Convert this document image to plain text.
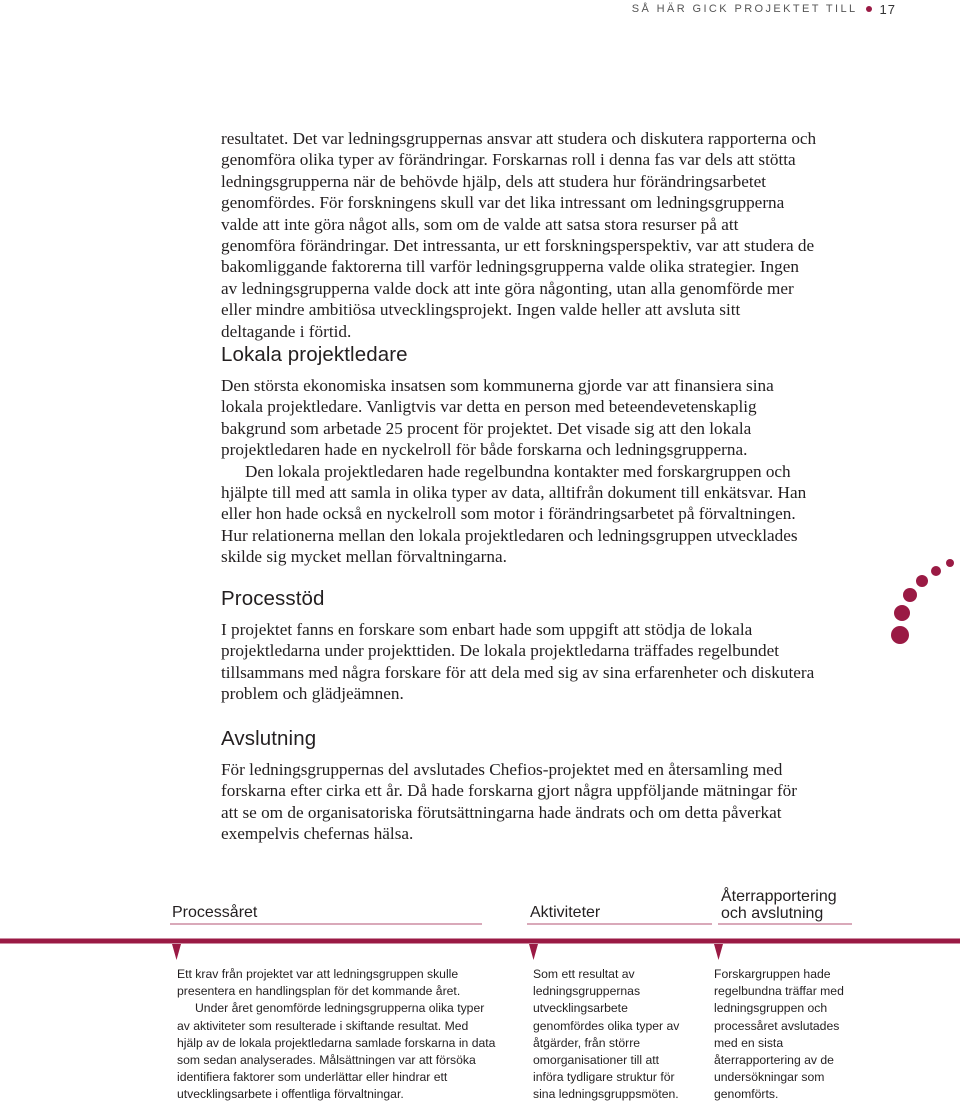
SÅ HÄR GICK PROJEKTET TILL 17

resultatet. Det var ledningsgruppernas ansvar att studera och diskutera rapporterna och genomföra olika typer av förändringar. Forskarnas roll i denna fas var dels att stötta ledningsgrupperna när de behövde hjälp, dels att studera hur förändringsarbetet genomfördes. För forskningens skull var det lika intressant om ledningsgrupperna valde att inte göra något alls, som om de valde att satsa stora resurser på att genomföra förändringar. Det intressanta, ur ett forskningsperspektiv, var att studera de bakomliggande faktorerna till varför ledningsgrupperna valde olika strategier. Ingen av ledningsgrupperna valde dock att inte göra någonting, utan alla genomförde mer eller mindre ambitiösa utvecklingsprojekt. Ingen valde heller att avsluta sitt deltagande i förtid.

Lokala projektledare

Den största ekonomiska insatsen som kommunerna gjorde var att finansiera sina lokala projektledare. Vanligtvis var detta en person med beteendevetenskaplig bakgrund som arbetade 25 procent för projektet. Det visade sig att den lokala projektledaren hade en nyckelroll för både forskarna och ledningsgrupperna.

Den lokala projektledaren hade regelbundna kontakter med forskargruppen och hjälpte till med att samla in olika typer av data, alltifrån dokument till enkätsvar. Han eller hon hade också en nyckelroll som motor i förändringsarbetet på förvaltningen. Hur relationerna mellan den lokala projektledaren och ledningsgruppen utvecklades skilde sig mycket mellan förvaltningarna.

Processtöd

I projektet fanns en forskare som enbart hade som uppgift att stödja de lokala projektledarna under projekttiden. De lokala projektledarna träffades regelbundet tillsammans med några forskare för att dela med sig av sina erfarenheter och diskutera problem och glädjeämnen.

Avslutning

För ledningsgruppernas del avslutades Chefios-projektet med en återsamling med forskarna efter cirka ett år. Då hade forskarna gjort några uppföljande mätningar för att se om de organisatoriska förutsättningarna hade ändrats och om detta påverkat exempelvis chefernas hälsa.

Processåret	Aktiviteter
Återrapportering
och avslutning

Ett krav från projektet var att ledningsgruppen skulle presentera en handlingsplan för det kommande året.
Under året genomförde ledningsgrupperna olika typer av aktiviteter som resulterade i skiftande resultat. Med hjälp av de lokala projektledarna samlade forskarna in data som sedan analyserades. Målsättningen var att försöka identifiera faktorer som underlättar eller hindrar ett utvecklingsarbete i offentliga förvaltningar.

Som ett resultat av ledningsgruppernas utvecklingsarbete genomfördes olika typer av åtgärder, från större omorganisationer till att införa tydligare struktur för sina ledningsgruppsmöten.

Forskargruppen hade regelbundna träffar med ledningsgruppen och processåret avslutades med en sista återrapportering av de undersökningar som genomförts.
